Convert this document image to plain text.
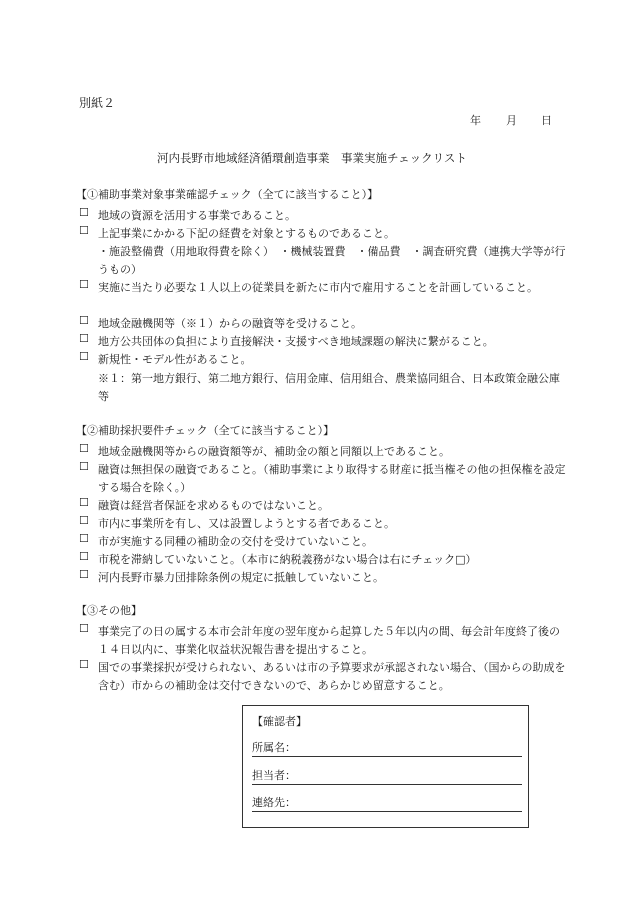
別紙２
年 月 日
河内長野市地域経済循環創造事業　事業実施チェックリスト
【①補助事業対象事業確認チェック（全てに該当すること）】
☐ 地域の資源を活用する事業であること。
☐ 上記事業にかかる下記の経費を対象とするものであること。
・施設整備費（用地取得費を除く）　・機械装置費　・備品費　・調査研究費（連携大学等が行うもの）
☐ 実施に当たり必要な１人以上の従業員を新たに市内で雇用することを計画していること。
☐ 地域金融機関等（※１）からの融資等を受けること。
☐ 地方公共団体の負担により直接解決・支援すべき地域課題の解決に繋がること。
☐ 新規性・モデル性があること。
※１：第一地方銀行、第二地方銀行、信用金庫、信用組合、農業協同組合、日本政策金融公庫等
【②補助採択要件チェック（全てに該当すること）】
☐ 地域金融機関等からの融資額等が、補助金の額と同額以上であること。
☐ 融資は無担保の融資であること。（補助事業により取得する財産に抵当権その他の担保権を設定する場合を除く。）
☐ 融資は経営者保証を求めるものではないこと。
☐ 市内に事業所を有し、又は設置しようとする者であること。
☐ 市が実施する同種の補助金の交付を受けていないこと。
☐ 市税を滞納していないこと。（本市に納税義務がない場合は右にチェック□）
☐ 河内長野市暴力団排除条例の規定に抵触していないこと。
【③その他】
☐ 事業完了の日の属する本市会計年度の翌年度から起算した５年以内の間、毎会計年度終了後の１４日以内に、事業化収益状況報告書を提出すること。
☐ 国での事業採択が受けられない、あるいは市の予算要求が承認されない場合、（国からの助成を含む）市からの補助金は交付できないので、あらかじめ留意すること。
【確認者】
所属名：
担当者：
連絡先：
